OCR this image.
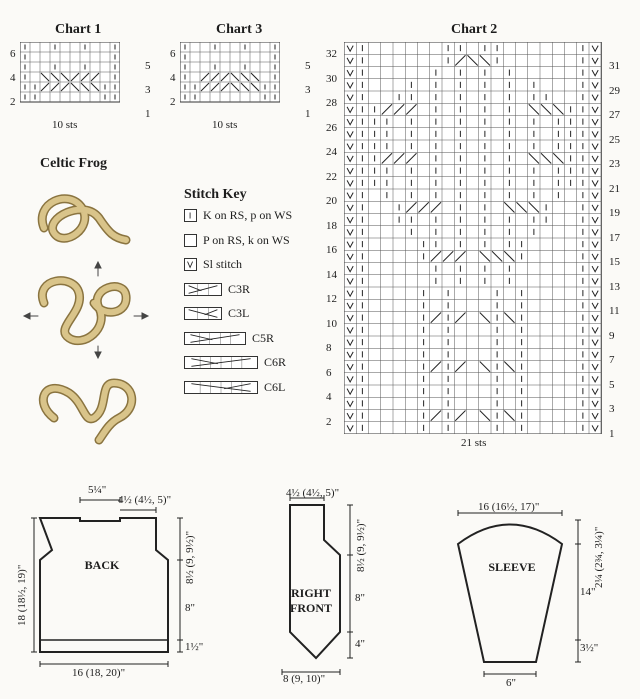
Chart 1
10 sts
6
4
2
5
3
1
Chart 3
10 sts
6
4
2
5
3
1
Chart 2
21 sts
32
30
28
26
24
22
20
18
16
14
12
10
8
6
4
2
31
29
27
25
23
21
19
17
15
13
11
9
7
5
3
1
Celtic Frog
Stitch Key
K on RS, p on WS
P on RS, k on WS
Sl stitch
C3R
C3L
C5R
C6R
C6L
BACK
5¼"
4½ (4½, 5)"
18 (18½, 19)"
8½ (9, 9½)"
8"
1½"
16 (18, 20)"
RIGHT
FRONT
4½ (4½, 5)"
8½ (9, 9½)"
8"
4"
8 (9, 10)"
SLEEVE
16 (16½, 17)"
2¼ (2¾, 3¼)"
14"
3½"
6"
